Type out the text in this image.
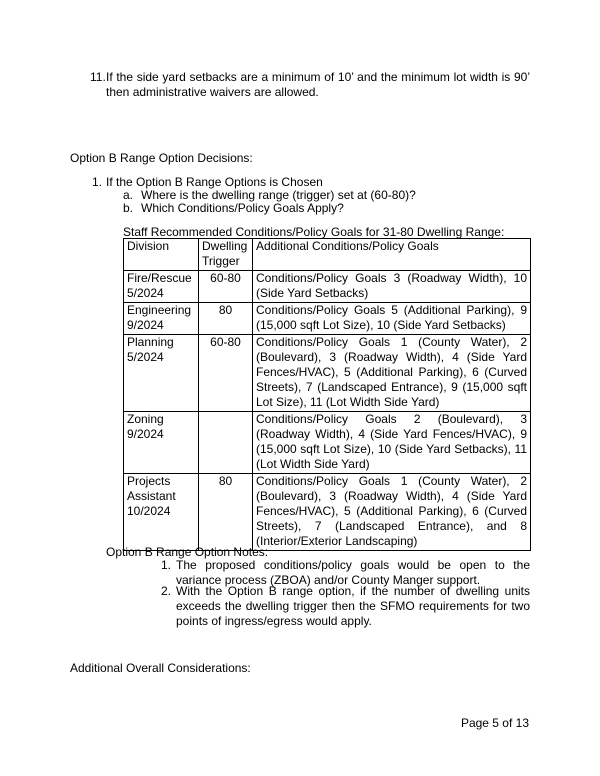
11. If the side yard setbacks are a minimum of 10’ and the minimum lot width is 90’ then administrative waivers are allowed.
Option B Range Option Decisions:
1. If the Option B Range Options is Chosen
a. Where is the dwelling range (trigger) set at (60-80)?
b. Which Conditions/Policy Goals Apply?
Staff Recommended Conditions/Policy Goals for 31-80 Dwelling Range:
Division	Dwelling Trigger	Additional Conditions/Policy Goals
Fire/Rescue 5/2024	60-80	Conditions/Policy Goals 3 (Roadway Width), 10 (Side Yard Setbacks)
Engineering 9/2024	80	Conditions/Policy Goals 5 (Additional Parking), 9 (15,000 sqft Lot Size), 10 (Side Yard Setbacks)
Planning 5/2024	60-80	Conditions/Policy Goals 1 (County Water), 2 (Boulevard), 3 (Roadway Width), 4 (Side Yard Fences/HVAC), 5 (Additional Parking), 6 (Curved Streets), 7 (Landscaped Entrance), 9 (15,000 sqft Lot Size), 11 (Lot Width Side Yard)
Zoning 9/2024		Conditions/Policy Goals 2 (Boulevard), 3 (Roadway Width), 4 (Side Yard Fences/HVAC), 9 (15,000 sqft Lot Size), 10 (Side Yard Setbacks), 11 (Lot Width Side Yard)
Projects Assistant 10/2024	80	Conditions/Policy Goals 1 (County Water), 2 (Boulevard), 3 (Roadway Width), 4 (Side Yard Fences/HVAC), 5 (Additional Parking), 6 (Curved Streets), 7 (Landscaped Entrance), and 8 (Interior/Exterior Landscaping)
Option B Range Option Notes:
1. The proposed conditions/policy goals would be open to the variance process (ZBOA) and/or County Manger support.
2. With the Option B range option, if the number of dwelling units exceeds the dwelling trigger then the SFMO requirements for two points of ingress/egress would apply.
Additional Overall Considerations:
Page 5 of 13
